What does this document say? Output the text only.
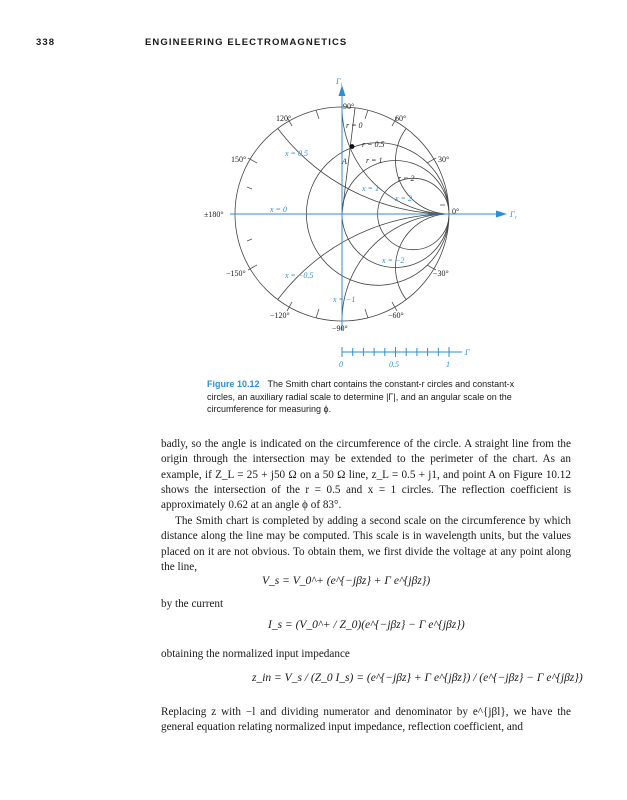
338	ENGINEERING ELECTROMAGNETICS
$\Gamma_i$
$\Gamma_r$
90°
60°
30°
0°
−30°
−60°
−90°
−120°
−150°
±180°
150°
120°
r = 0
r = 0.5
r = 1
r = 2
x = 0.5
x = 1
x = 2
x = 0
x = −2
x = −0.5
x = −1
A
0	0.5	1
Γ
Figure 10.12 The Smith chart contains the constant-r circles and constant-x circles, an auxiliary radial scale to determine |Γ|, and an angular scale on the circumference for measuring ϕ.
badly, so the angle is indicated on the circumference of the circle. A straight line from the origin through the intersection may be extended to the perimeter of the chart. As an example, if Z_L = 25 + j50 Ω on a 50 Ω line, z_L = 0.5 + j1, and point A on Figure 10.12 shows the intersection of the r = 0.5 and x = 1 circles. The reflection coefficient is approximately 0.62 at an angle ϕ of 83°.
The Smith chart is completed by adding a second scale on the circumference by which distance along the line may be computed. This scale is in wavelength units, but the values placed on it are not obvious. To obtain them, we first divide the voltage at any point along the line,
V_s = V_0^+ (e^{−jβz} + Γ e^{jβz})
by the current
I_s = (V_0^+ / Z_0)(e^{−jβz} − Γ e^{jβz})
obtaining the normalized input impedance
z_in = V_s / (Z_0 I_s) = (e^{−jβz} + Γ e^{jβz}) / (e^{−jβz} − Γ e^{jβz})
Replacing z with −l and dividing numerator and denominator by e^{jβl}, we have the general equation relating normalized input impedance, reflection coefficient, and
